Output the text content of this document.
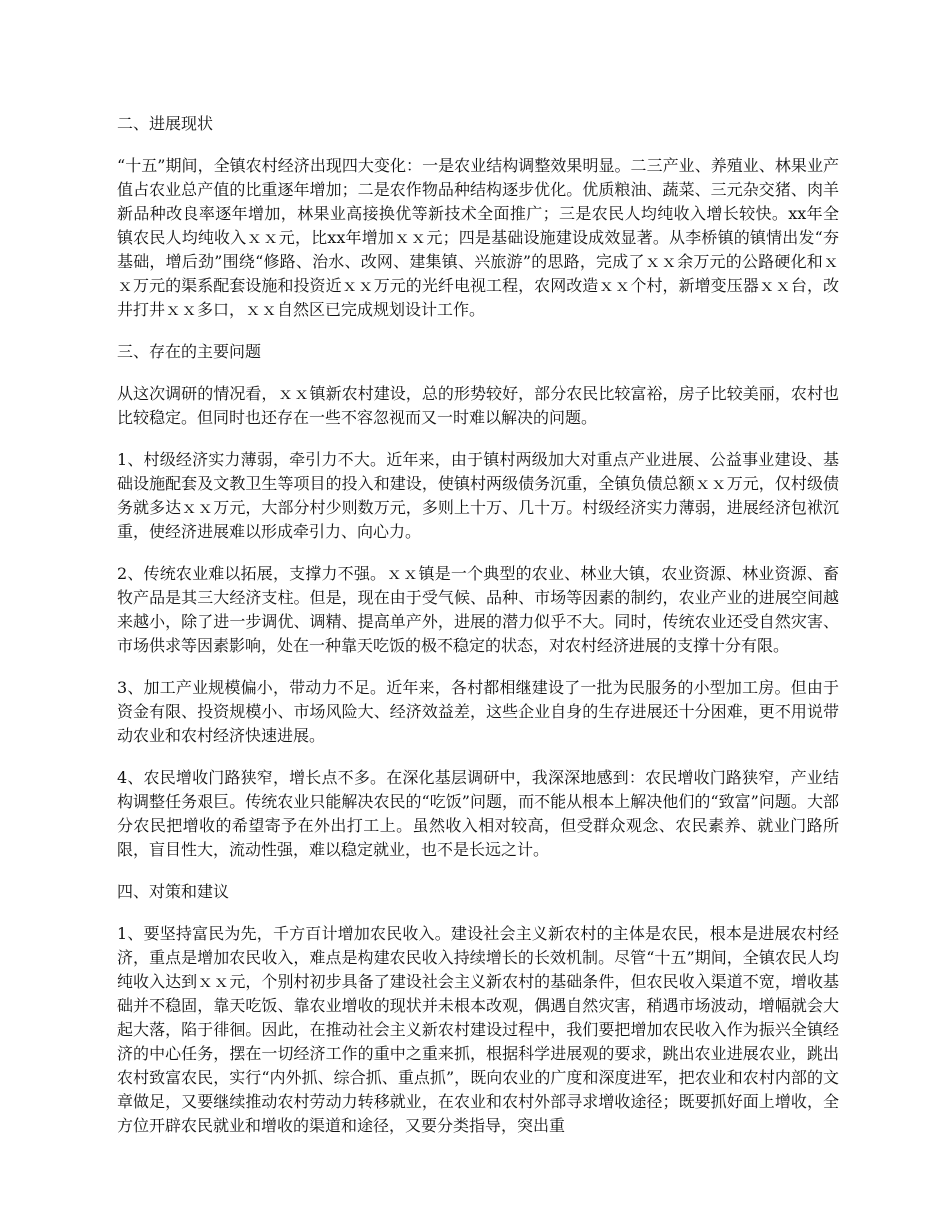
二、进展现状
“十五”期间，全镇农村经济出现四大变化：一是农业结构调整效果明显。二三产业、养殖业、林果业产值占农业总产值的比重逐年增加；二是农作物品种结构逐步优化。优质粮油、蔬菜、三元杂交猪、肉羊新品种改良率逐年增加，林果业高接换优等新技术全面推广；三是农民人均纯收入增长较快。xx年全镇农民人均纯收入ｘｘ元，比xx年增加ｘｘ元；四是基础设施建设成效显著。从李桥镇的镇情出发“夯基础，增后劲”围绕“修路、治水、改网、建集镇、兴旅游”的思路，完成了ｘｘ余万元的公路硬化和ｘｘ万元的渠系配套设施和投资近ｘｘ万元的光纤电视工程，农网改造ｘｘ个村，新增变压器ｘｘ台，改井打井ｘｘ多口，ｘｘ自然区已完成规划设计工作。
三、存在的主要问题
从这次调研的情况看，ｘｘ镇新农村建设，总的形势较好，部分农民比较富裕，房子比较美丽，农村也比较稳定。但同时也还存在一些不容忽视而又一时难以解决的问题。
1、村级经济实力薄弱，牵引力不大。近年来，由于镇村两级加大对重点产业进展、公益事业建设、基础设施配套及文教卫生等项目的投入和建设，使镇村两级债务沉重，全镇负债总额ｘｘ万元，仅村级债务就多达ｘｘ万元，大部分村少则数万元，多则上十万、几十万。村级经济实力薄弱，进展经济包袱沉重，使经济进展难以形成牵引力、向心力。
2、传统农业难以拓展，支撑力不强。ｘｘ镇是一个典型的农业、林业大镇，农业资源、林业资源、畜牧产品是其三大经济支柱。但是，现在由于受气候、品种、市场等因素的制约，农业产业的进展空间越来越小，除了进一步调优、调精、提高单产外，进展的潜力似乎不大。同时，传统农业还受自然灾害、市场供求等因素影响，处在一种靠天吃饭的极不稳定的状态，对农村经济进展的支撑十分有限。
3、加工产业规模偏小，带动力不足。近年来，各村都相继建设了一批为民服务的小型加工房。但由于资金有限、投资规模小、市场风险大、经济效益差，这些企业自身的生存进展还十分困难，更不用说带动农业和农村经济快速进展。
4、农民增收门路狭窄，增长点不多。在深化基层调研中，我深深地感到：农民增收门路狭窄，产业结构调整任务艰巨。传统农业只能解决农民的“吃饭”问题，而不能从根本上解决他们的“致富”问题。大部分农民把增收的希望寄予在外出打工上。虽然收入相对较高，但受群众观念、农民素养、就业门路所限，盲目性大，流动性强，难以稳定就业，也不是长远之计。
四、对策和建议
1、要坚持富民为先，千方百计增加农民收入。建设社会主义新农村的主体是农民，根本是进展农村经济，重点是增加农民收入，难点是构建农民收入持续增长的长效机制。尽管“十五”期间，全镇农民人均纯收入达到ｘｘ元，个别村初步具备了建设社会主义新农村的基础条件，但农民收入渠道不宽，增收基础并不稳固，靠天吃饭、靠农业增收的现状并未根本改观，偶遇自然灾害，稍遇市场波动，增幅就会大起大落，陷于徘徊。因此，在推动社会主义新农村建设过程中，我们要把增加农民收入作为振兴全镇经济的中心任务，摆在一切经济工作的重中之重来抓，根据科学进展观的要求，跳出农业进展农业，跳出农村致富农民，实行“内外抓、综合抓、重点抓”，既向农业的广度和深度进军，把农业和农村内部的文章做足，又要继续推动农村劳动力转移就业，在农业和农村外部寻求增收途径；既要抓好面上增收，全方位开辟农民就业和增收的渠道和途径，又要分类指导，突出重
